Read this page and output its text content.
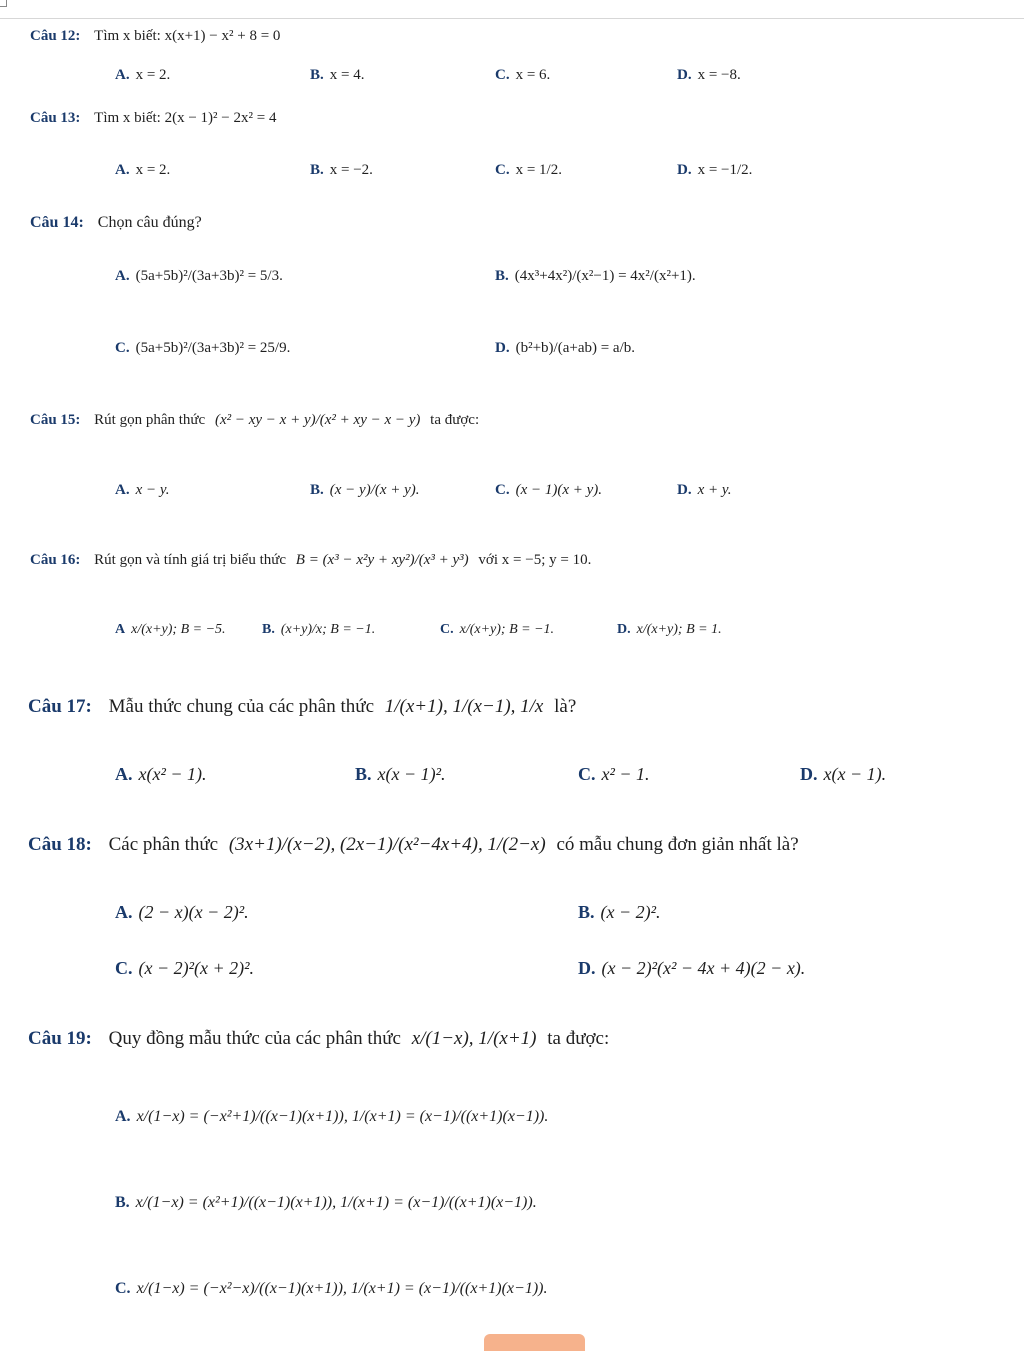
Câu 12: Tìm x biết: x(x+1) − x² + 8 = 0
A. x = 2.	B. x = 4.	C. x = 6.	D. x = −8.
Câu 13: Tìm x biết: 2(x − 1)² − 2x² = 4
A. x = 2.	B. x = −2.	C. x = 1/2.	D. x = −1/2.
Câu 14: Chọn câu đúng?
A. (5a+5b)²/(3a+3b)² = 5/3.	B. (4x³+4x²)/(x²−1) = 4x²/(x²+1).
C. (5a+5b)²/(3a+3b)² = 25/9.	D. (b²+b)/(a+ab) = a/b.
Câu 15: Rút gọn phân thức (x² − xy − x + y)/(x² + xy − x − y) ta được:
A. x − y.	B. (x − y)/(x + y).	C. (x − 1)(x + y).	D. x + y.
Câu 16: Rút gọn và tính giá trị biểu thức B = (x³ − x²y + xy²)/(x³ + y³) với x = −5; y = 10.
A x/(x+y); B = −5.	B. (x+y)/x; B = −1.	C. x/(x+y); B = −1.	D. x/(x+y); B = 1.
Câu 17: Mẫu thức chung của các phân thức 1/(x+1), 1/(x−1), 1/x là?
A. x(x² − 1).	B. x(x − 1)².	C. x² − 1.	D. x(x − 1).
Câu 18: Các phân thức (3x+1)/(x−2), (2x−1)/(x²−4x+4), 1/(2−x) có mẫu chung đơn giản nhất là?
A. (2 − x)(x − 2)².	B. (x − 2)².
C. (x − 2)²(x + 2)².	D. (x − 2)²(x² − 4x + 4)(2 − x).
Câu 19: Quy đồng mẫu thức của các phân thức x/(1−x), 1/(x+1) ta được:
A. x/(1−x) = (−x²+1)/((x−1)(x+1)), 1/(x+1) = (x−1)/((x+1)(x−1)).
B. x/(1−x) = (x²+1)/((x−1)(x+1)), 1/(x+1) = (x−1)/((x+1)(x−1)).
C. x/(1−x) = (−x²−x)/((x−1)(x+1)), 1/(x+1) = (x−1)/((x+1)(x−1)).
